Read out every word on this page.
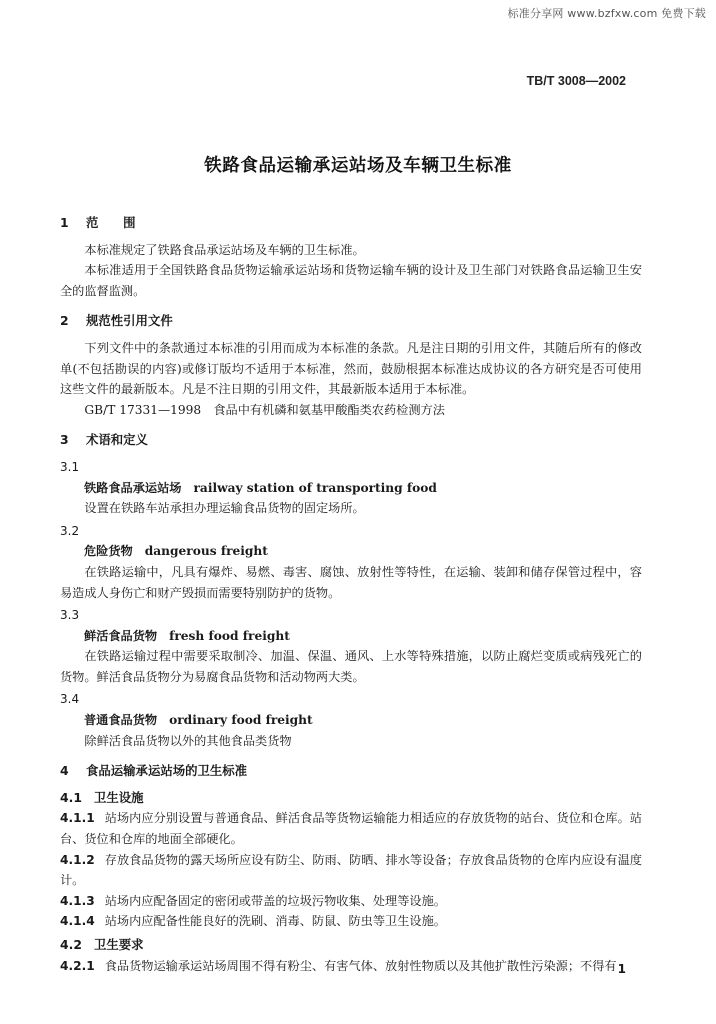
标准分享网 www.bzfxw.com 免费下载
TB/T 3008—2002
铁路食品运输承运站场及车辆卫生标准
1 范　　围

本标准规定了铁路食品承运站场及车辆的卫生标准。

本标准适用于全国铁路食品货物运输承运站场和货物运输车辆的设计及卫生部门对铁路食品运输卫生安全的监督监测。

2 规范性引用文件

下列文件中的条款通过本标准的引用而成为本标准的条款。凡是注日期的引用文件，其随后所有的修改单(不包括勘误的内容)或修订版均不适用于本标准，然而，鼓励根据本标准达成协议的各方研究是否可使用这些文件的最新版本。凡是不注日期的引用文件，其最新版本适用于本标准。

GB/T 17331—1998　食品中有机磷和氨基甲酸酯类农药检测方法

3 术语和定义
3.1
铁路食品承运站场 railway station of transporting food

设置在铁路车站承担办理运输食品货物的固定场所。

3.2
危险货物 dangerous freight

在铁路运输中，凡具有爆炸、易燃、毒害、腐蚀、放射性等特性，在运输、装卸和储存保管过程中，容易造成人身伤亡和财产毁损而需要特别防护的货物。

3.3
鲜活食品货物 fresh food freight

在铁路运输过程中需要采取制冷、加温、保温、通风、上水等特殊措施，以防止腐烂变质或病残死亡的货物。鲜活食品货物分为易腐食品货物和活动物两大类。

3.4
普通食品货物 ordinary food freight

除鲜活食品货物以外的其他食品类货物

4 食品运输承运站场的卫生标准
4.1 卫生设施

4.1.1 站场内应分别设置与普通食品、鲜活食品等货物运输能力相适应的存放货物的站台、货位和仓库。站台、货位和仓库的地面全部硬化。

4.1.2 存放食品货物的露天场所应设有防尘、防雨、防晒、排水等设备；存放食品货物的仓库内应设有温度计。

4.1.3 站场内应配备固定的密闭或带盖的垃圾污物收集、处理等设施。

4.1.4 站场内应配备性能良好的洗刷、消毒、防鼠、防虫等卫生设施。

4.2 卫生要求

4.2.1 食品货物运输承运站场周围不得有粉尘、有害气体、放射性物质以及其他扩散性污染源；不得有 1
